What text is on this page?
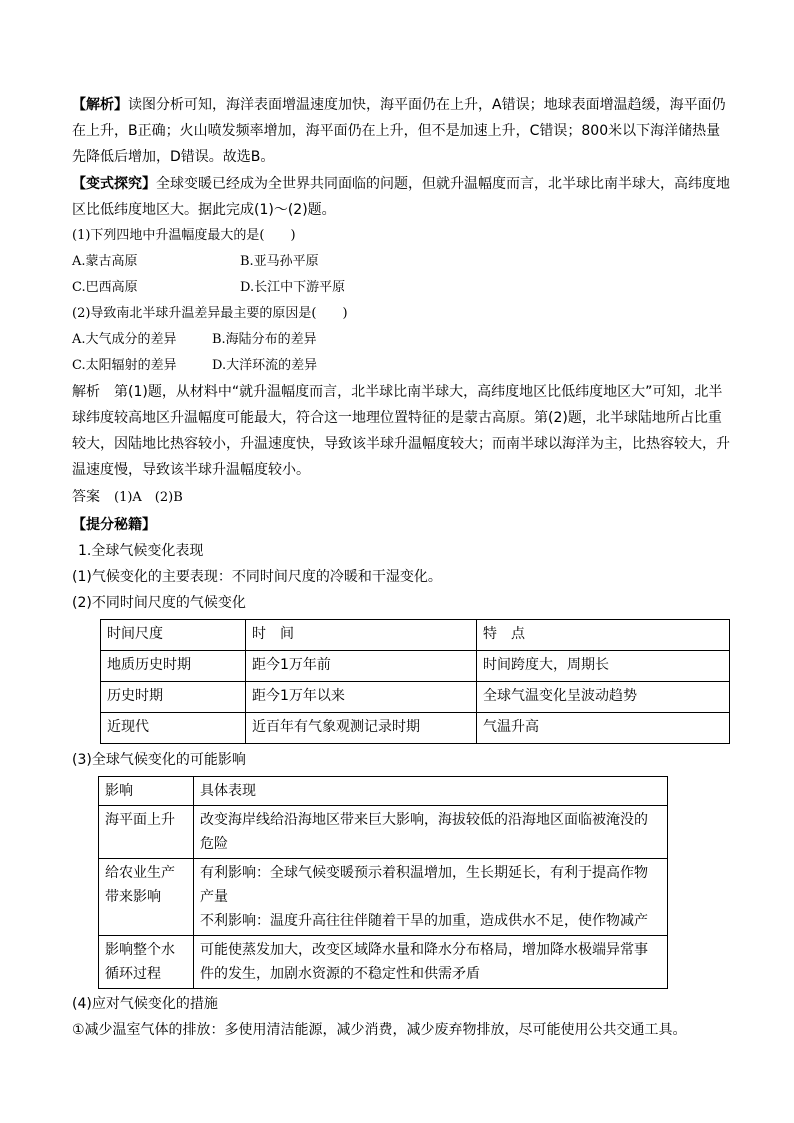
【解析】读图分析可知，海洋表面增温速度加快，海平面仍在上升，A错误；地球表面增温趋缓，海平面仍在上升，B正确；火山喷发频率增加，海平面仍在上升，但不是加速上升，C错误；800米以下海洋储热量先降低后增加，D错误。故选B。

【变式探究】全球变暖已经成为全世界共同面临的问题，但就升温幅度而言，北半球比南半球大，高纬度地区比低纬度地区大。据此完成(1)～(2)题。

(1)下列四地中升温幅度最大的是(　　)

A.蒙古高原	B.亚马孙平原
C.巴西高原	D.长江中下游平原

(2)导致南北半球升温差异最主要的原因是(　　)

A.大气成分的差异	B.海陆分布的差异
C.太阳辐射的差异	D.大洋环流的差异

解析　 第(1)题，从材料中“就升温幅度而言，北半球比南半球大，高纬度地区比低纬度地区大”可知，北半球纬度较高地区升温幅度可能最大，符合这一地理位置特征的是蒙古高原。第(2)题，北半球陆地所占比重较大，因陆地比热容较小，升温速度快，导致该半球升温幅度较大；而南半球以海洋为主，比热容较大，升温速度慢，导致该半球升温幅度较小。

答案　 (1)A　(2)B

【提分秘籍】

1.全球气候变化表现

(1)气候变化的主要表现：不同时间尺度的冷暖和干湿变化。

(2)不同时间尺度的气候变化

时间尺度	时　间	特　点
地质历史时期	距今1万年前	时间跨度大，周期长
历史时期	距今1万年以来	全球气温变化呈波动趋势
近现代	近百年有气象观测记录时期	气温升高

(3)全球气候变化的可能影响

影响	具体表现
海平面上升	改变海岸线给沿海地区带来巨大影响，海拔较低的沿海地区面临被淹没的危险
给农业生产带来影响	有利影响：全球气候变暖预示着积温增加，生长期延长，有利于提高作物产量
不利影响：温度升高往往伴随着干旱的加重，造成供水不足，使作物减产

影响整个水循环过程	可能使蒸发加大，改变区域降水量和降水分布格局，增加降水极端异常事件的发生，加剧水资源的不稳定性和供需矛盾

(4)应对气候变化的措施

①减少温室气体的排放：多使用清洁能源，减少消费，减少废弃物排放，尽可能使用公共交通工具。
